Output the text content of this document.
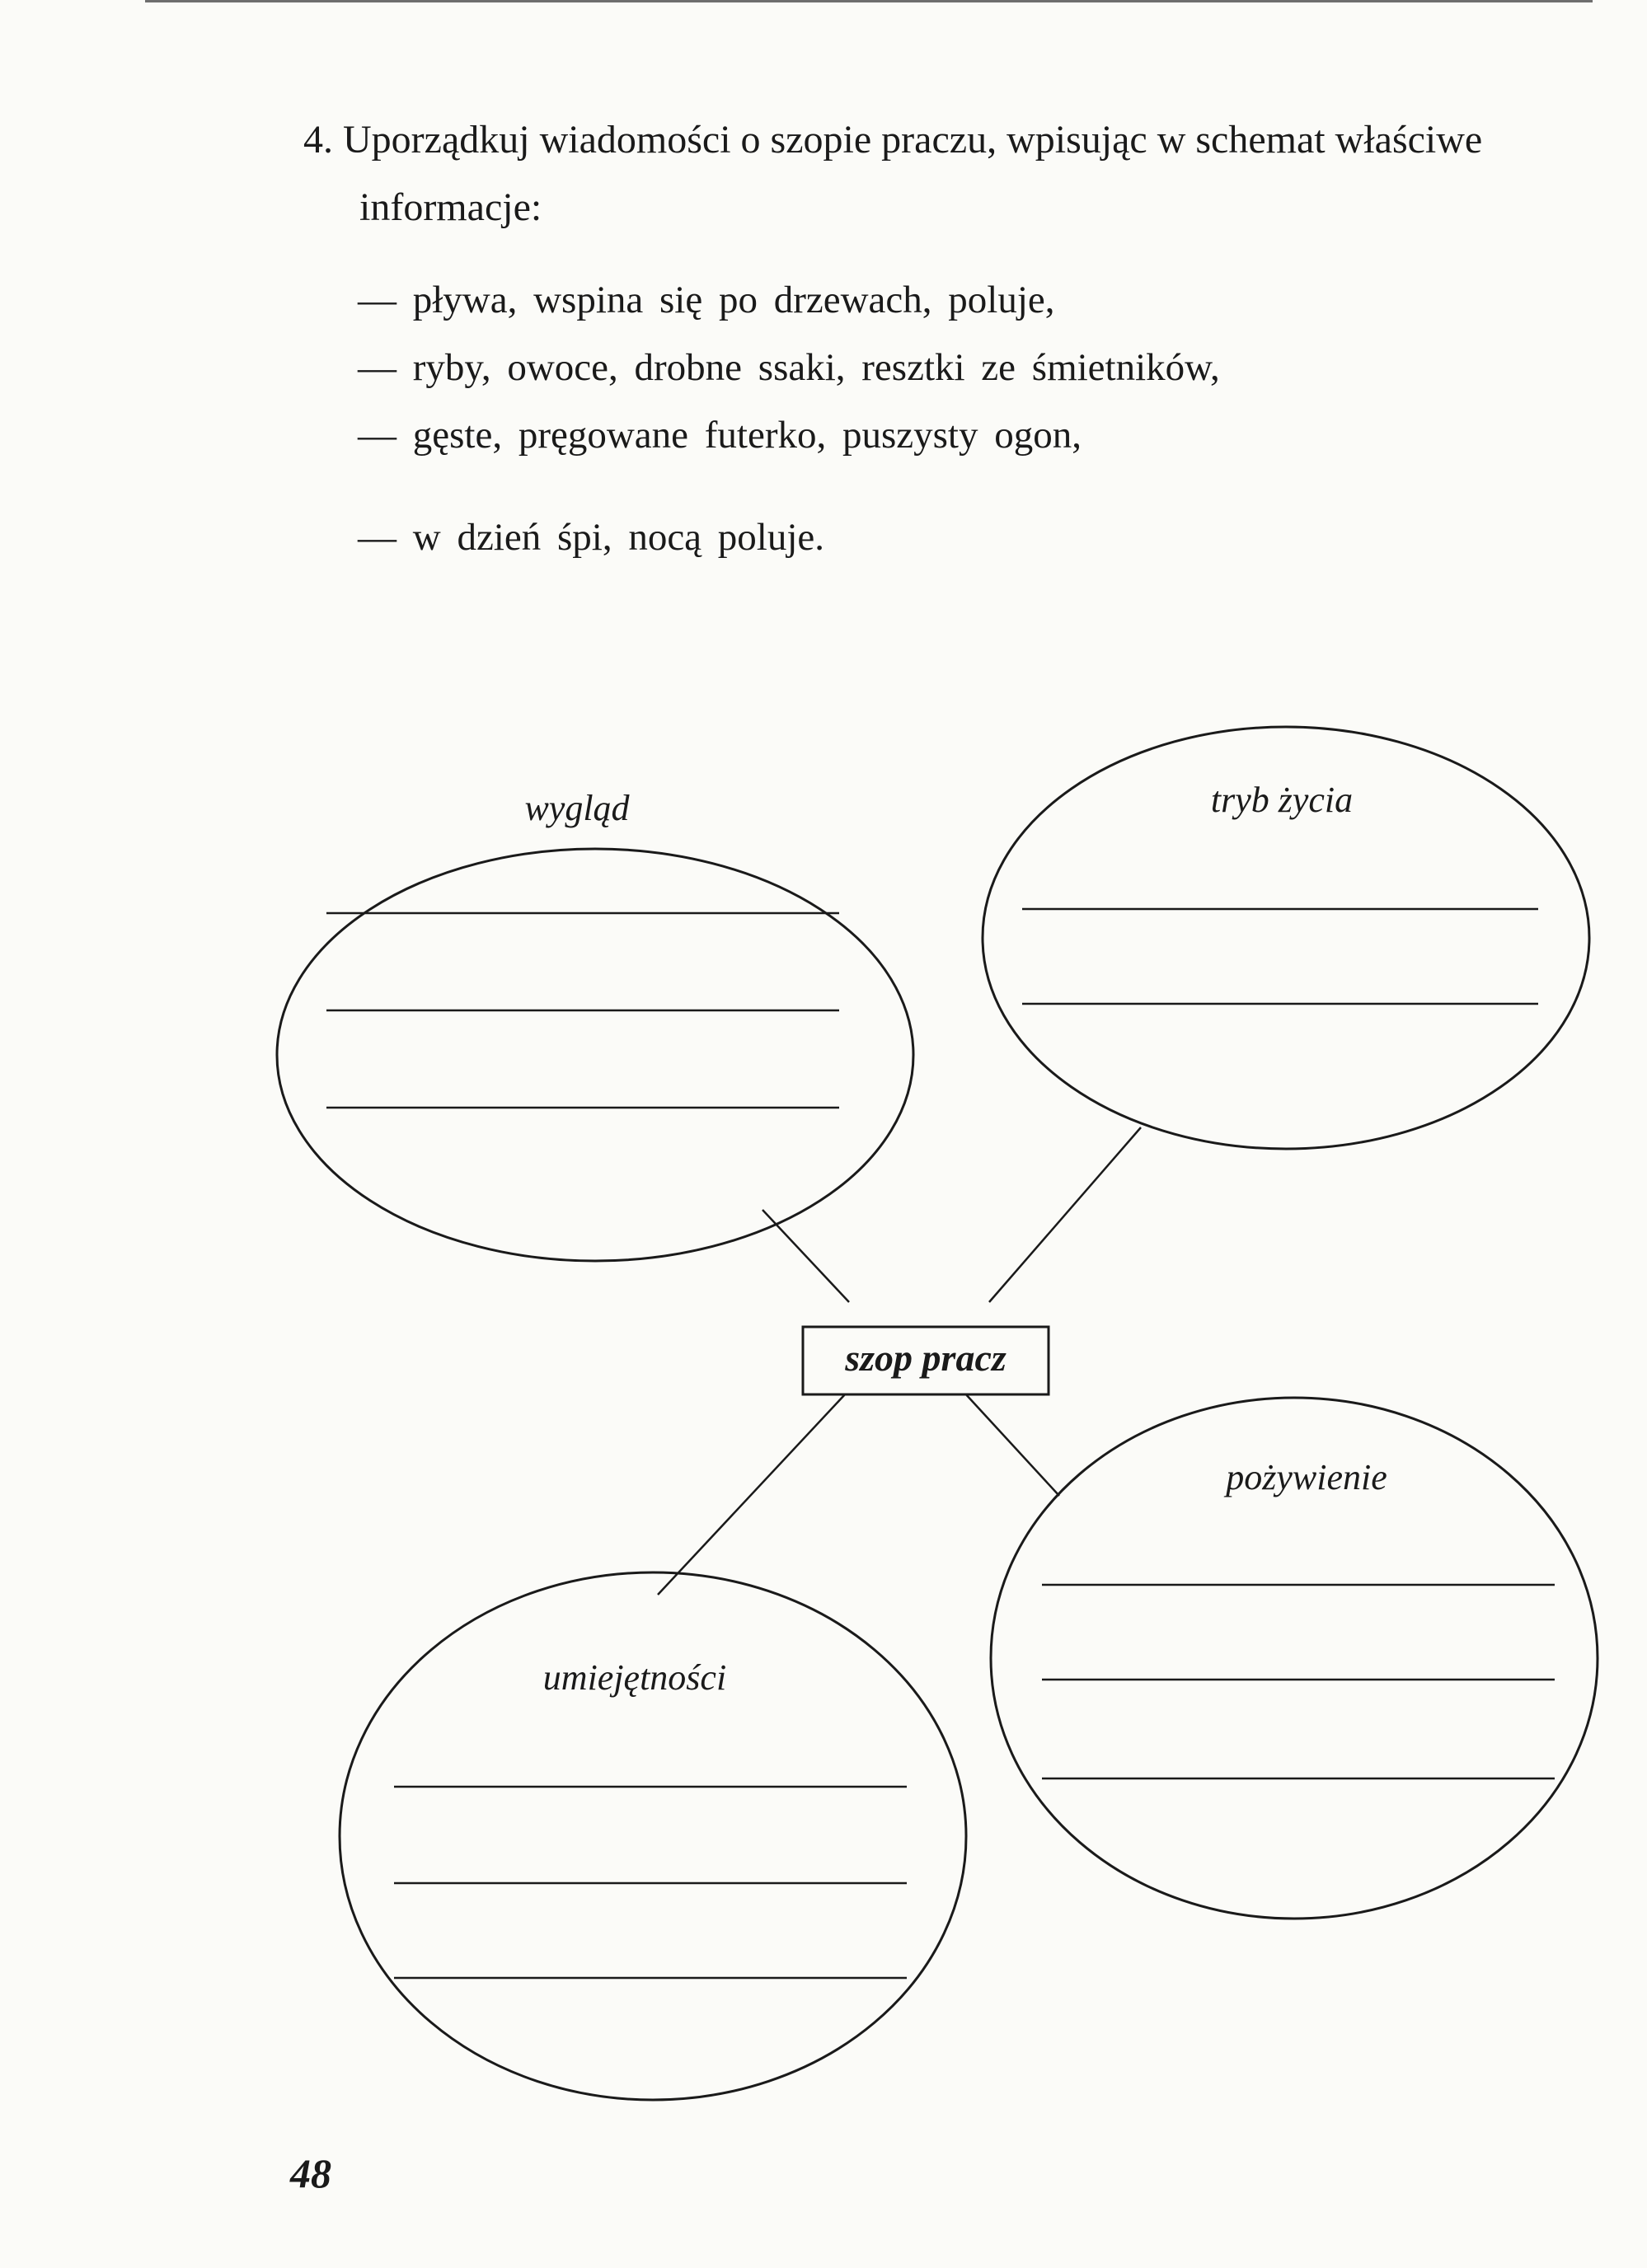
4. Uporządkuj wiadomości o szopie praczu, wpisując w schemat właściwe
informacje:
— pływa, wspina się po drzewach, poluje,
— ryby, owoce, drobne ssaki, resztki ze śmietników,
— gęste, pręgowane futerko, puszysty ogon,
— w dzień śpi, nocą poluje.
wygląd	tryb życia
pożywienie
umiejętności
szop pracz
48
